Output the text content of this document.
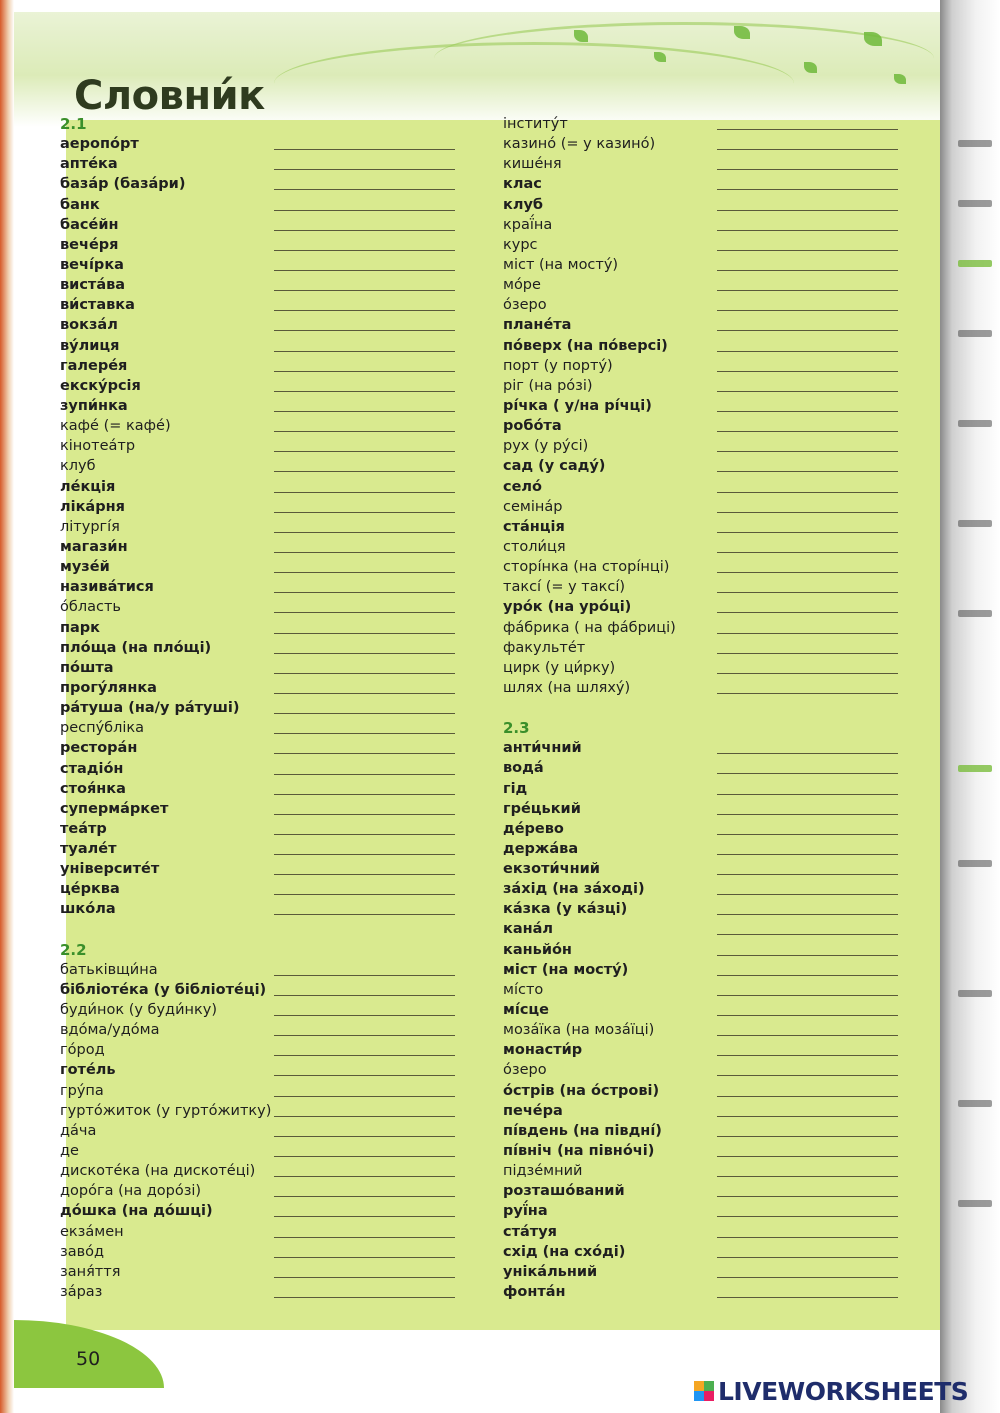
Словни́к
50
2.1
аеропо́рт
апте́ка
база́р (база́ри)
банк
басе́йн
вече́ря
вечі́рка
виста́ва
ви́ставка
вокза́л
ву́лиця
галере́я
екску́рсія
зупи́нка
кафе́ (= кафе́)
кінотеа́тр
клуб
ле́кція
ліка́рня
літургі́я
магази́н
музе́й
назива́тися
о́бласть
парк
пло́ща (на пло́щі)
по́шта
прогу́лянка
ра́туша (на/у ра́туші)
респу́бліка
рестора́н
стадіо́н
стоя́нка
суперма́ркет
теа́тр
туале́т
університе́т
це́рква
шко́ла
2.2
батьківщи́на
бібліоте́ка (у бібліоте́ці)
буди́нок (у буди́нку)
вдо́ма/удо́ма
го́род
готе́ль
гру́па
гурто́житок (у гурто́житку)
да́ча
де
дискоте́ка (на дискоте́ці)
доро́га (на доро́зі)
до́шка (на до́шці)
екза́мен
заво́д
заня́ття
за́раз
інститу́т
казино́ (= у казино́)
кише́ня
клас
клуб
краї́на
курс
міст (на мосту́)
мо́ре
о́зеро
плане́та
по́верх (на по́версі)
порт (у порту́)
ріг (на ро́зі)
рі́чка ( у/на рі́чці)
робо́та
рух (у ру́сі)
сад (у саду́)
село́
семіна́р
ста́нція
столи́ця
сторі́нка (на сторі́нці)
таксі́ (= у таксі́)
уро́к (на уро́ці)
фа́брика ( на фа́бриці)
факульте́т
цирк (у ци́рку)
шлях (на шляху́)
2.3
анти́чний
вода́
гід
гре́цький
де́рево
держа́ва
екзоти́чний
за́хід (на за́ході)
ка́зка (у ка́зці)
кана́л
каньйо́н
міст (на мосту́)
мі́сто
мі́сце
моза́їка (на моза́їці)
монасти́р
о́зеро
о́стрів (на о́строві)
пече́ра
пі́вдень (на півдні́)
пі́вніч (на півно́чі)
підзе́мний
розташо́ваний
руї́на
ста́туя
схід (на схо́ді)
уніка́льний
фонта́н
LIVEWORKSHEETS
